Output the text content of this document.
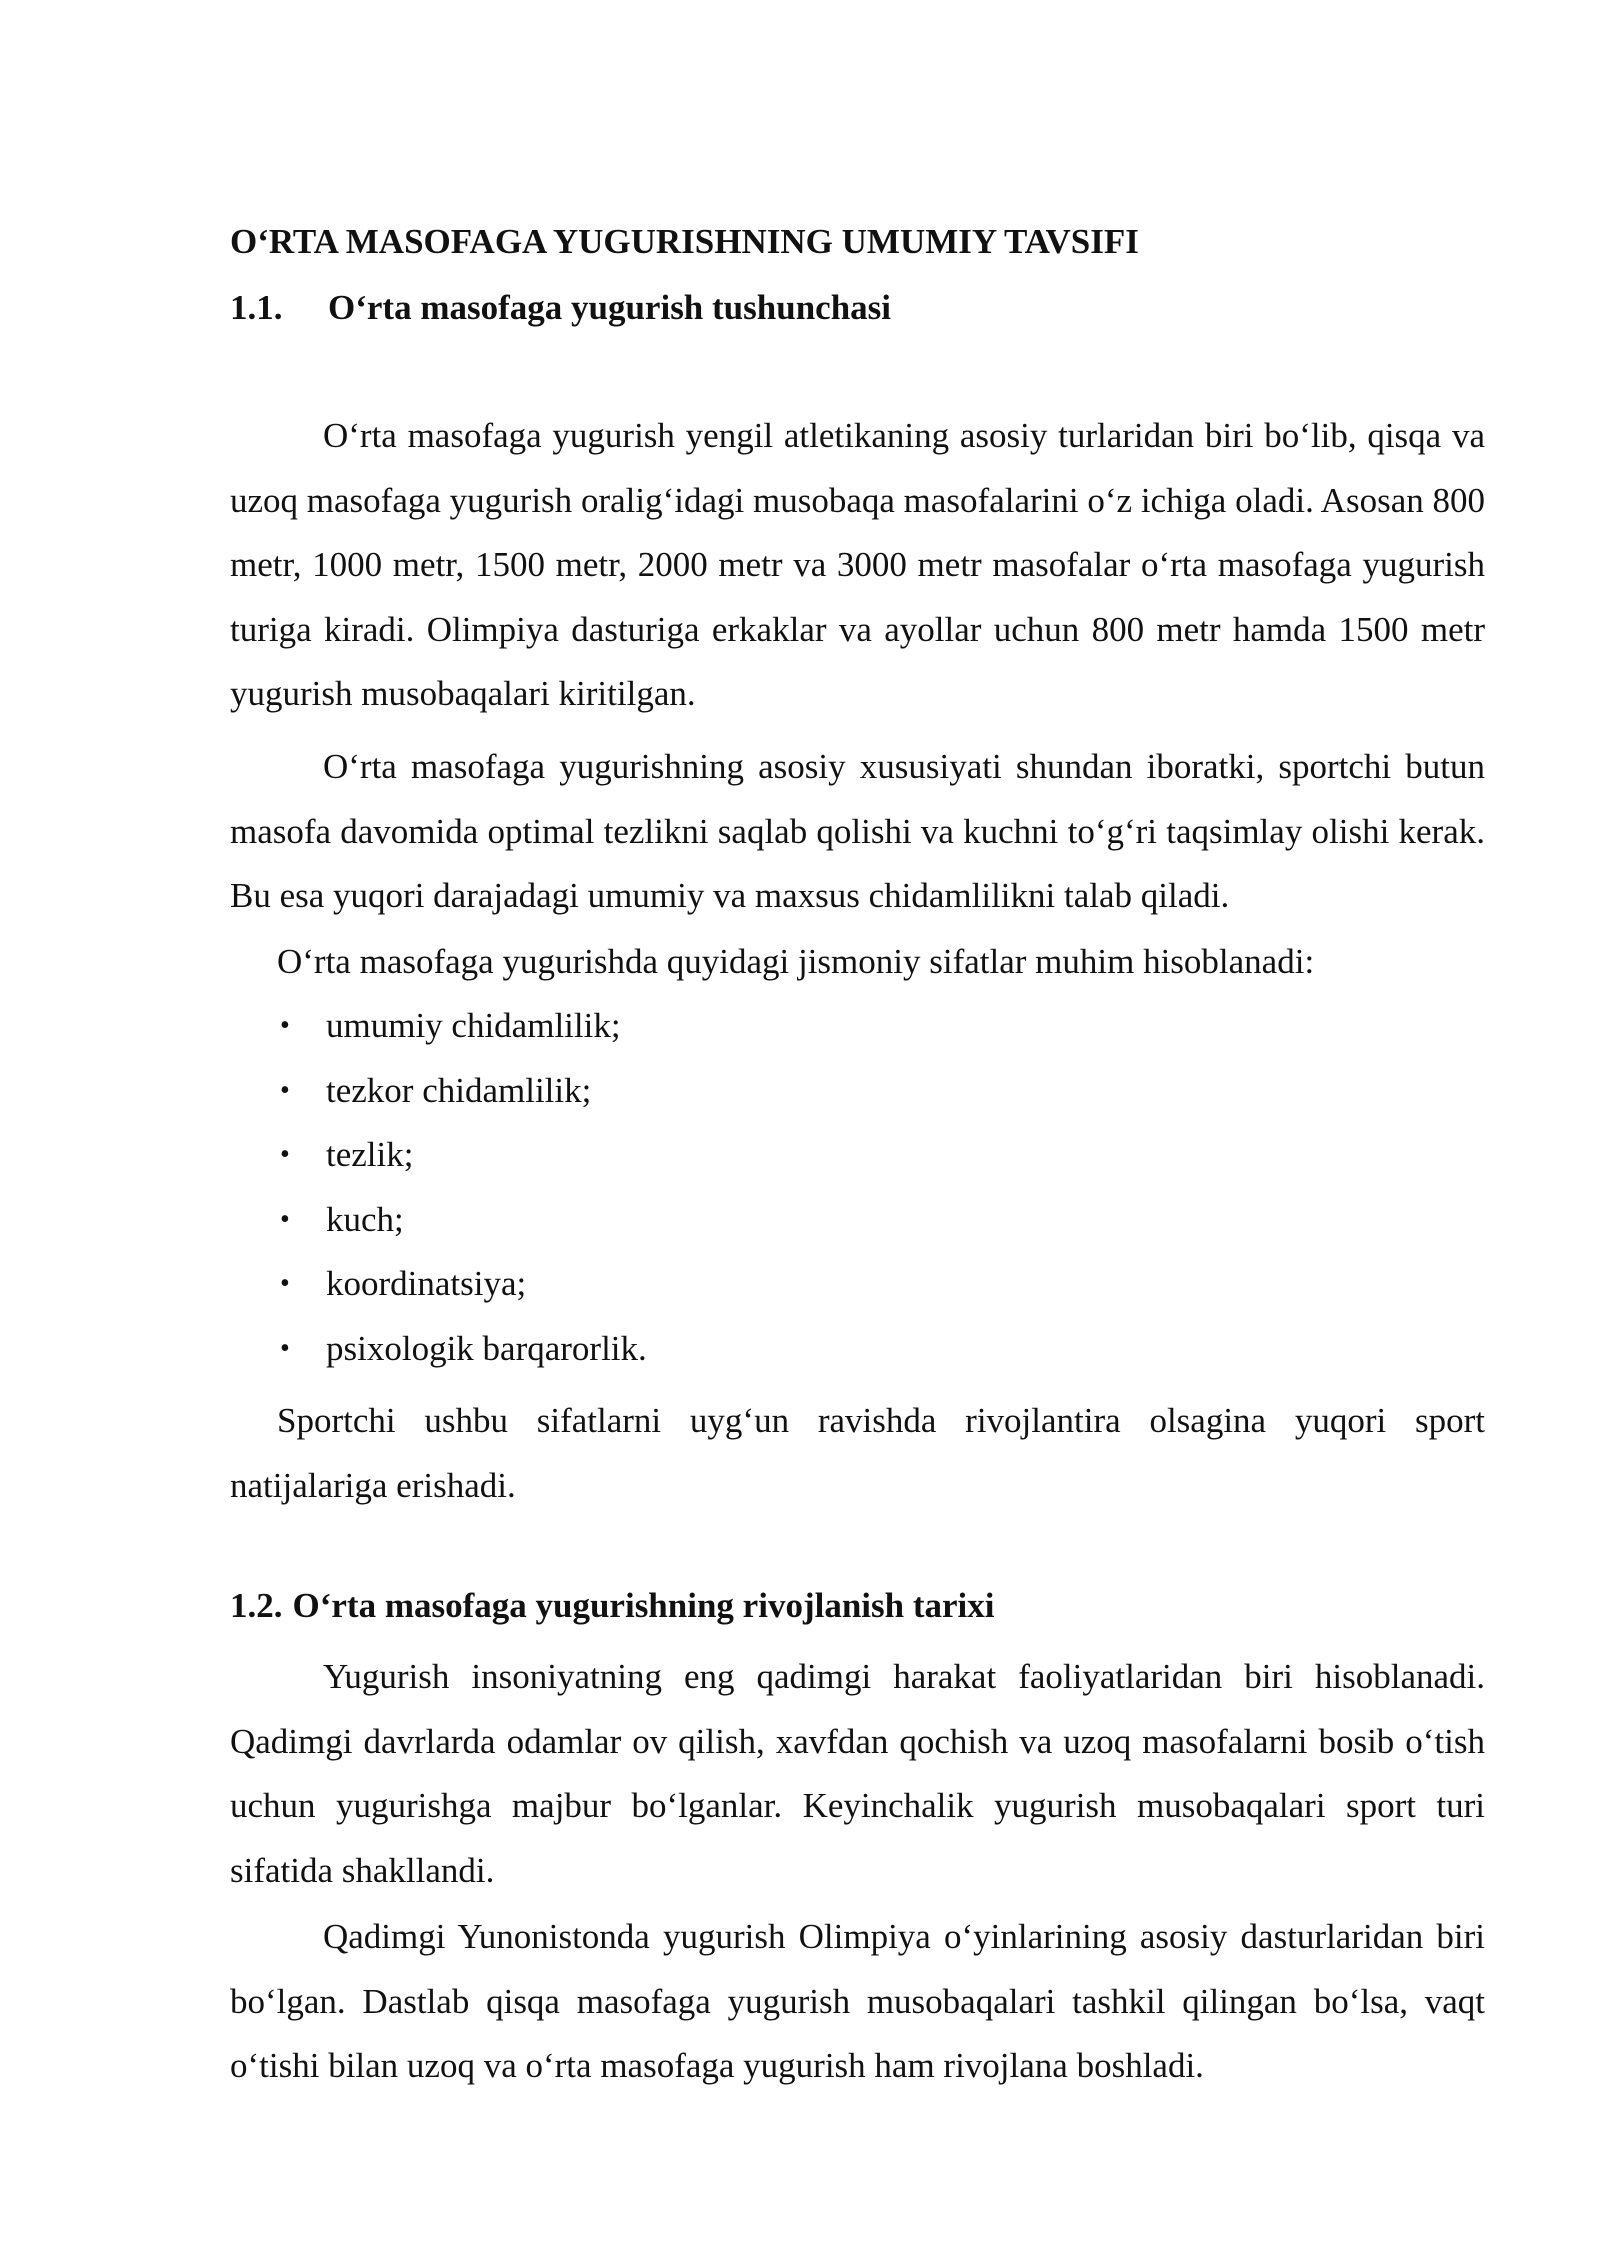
O‘RTA MASOFAGA YUGURISHNING UMUMIY TAVSIFI
1.1. O‘rta masofaga yugurish tushunchasi

O‘rta masofaga yugurish yengil atletikaning asosiy turlaridan biri bo‘lib, qisqa va uzoq masofaga yugurish oralig‘idagi musobaqa masofalarini o‘z ichiga oladi. Asosan 800 metr, 1000 metr, 1500 metr, 2000 metr va 3000 metr masofalar o‘rta masofaga yugurish turiga kiradi. Olimpiya dasturiga erkaklar va ayollar uchun 800 metr hamda 1500 metr yugurish musobaqalari kiritilgan.

O‘rta masofaga yugurishning asosiy xususiyati shundan iboratki, sportchi butun masofa davomida optimal tezlikni saqlab qolishi va kuchni to‘g‘ri taqsimlay olishi kerak. Bu esa yuqori darajadagi umumiy va maxsus chidamlilikni talab qiladi.

O‘rta masofaga yugurishda quyidagi jismoniy sifatlar muhim hisoblanadi:

• umumiy chidamlilik;
• tezkor chidamlilik;
• tezlik;
• kuch;
• koordinatsiya;
• psixologik barqarorlik.

Sportchi ushbu sifatlarni uyg‘un ravishda rivojlantira olsagina yuqori sport natijalariga erishadi.

1.2. O‘rta masofaga yugurishning rivojlanish tarixi

Yugurish insoniyatning eng qadimgi harakat faoliyatlaridan biri hisoblanadi. Qadimgi davrlarda odamlar ov qilish, xavfdan qochish va uzoq masofalarni bosib o‘tish uchun yugurishga majbur bo‘lganlar. Keyinchalik yugurish musobaqalari sport turi sifatida shakllandi.

Qadimgi Yunonistonda yugurish Olimpiya o‘yinlarining asosiy dasturlaridan biri bo‘lgan. Dastlab qisqa masofaga yugurish musobaqalari tashkil qilingan bo‘lsa, vaqt o‘tishi bilan uzoq va o‘rta masofaga yugurish ham rivojlana boshladi.
